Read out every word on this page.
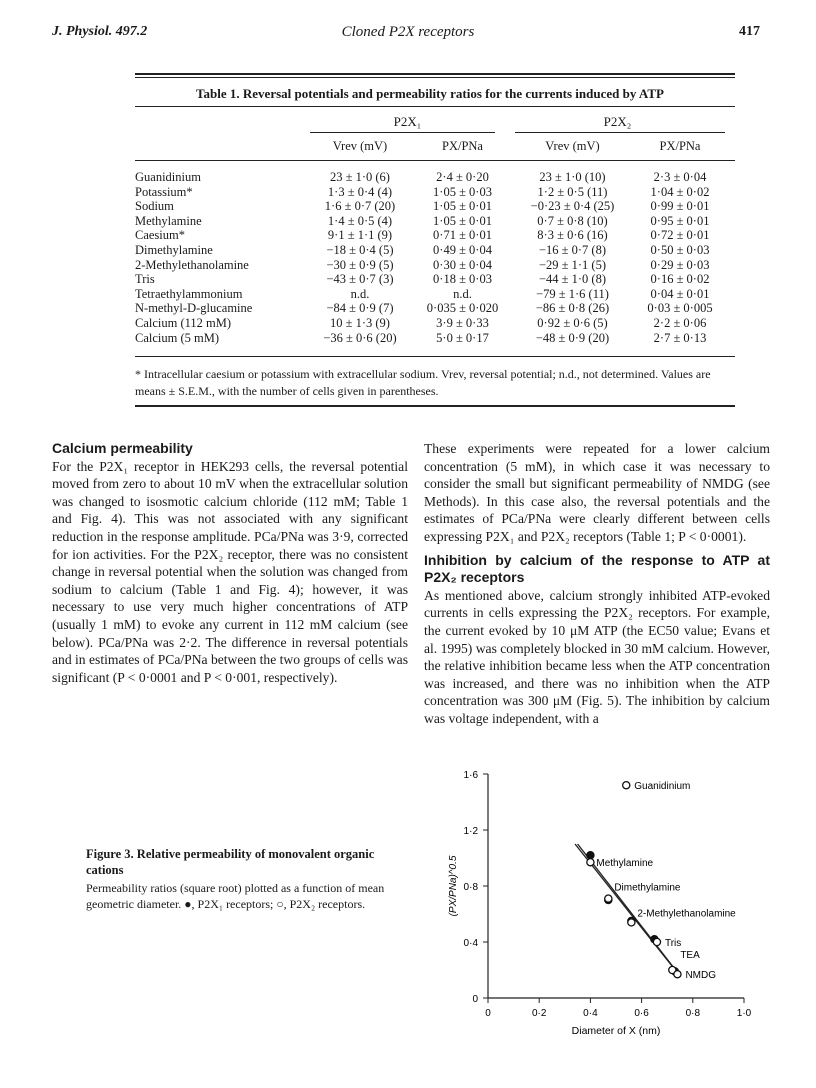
J. Physiol. 497.2	Cloned P2X receptors	417
Table 1. Reversal potentials and permeability ratios for the currents induced by ATP
P2X₁	P2X₂
Vrev (mV)	PX/PNa	Vrev (mV)	PX/PNa
Guanidinium	23 ± 1·0 (6)	2·4 ± 0·20	23 ± 1·0 (10)	2·3 ± 0·04
Potassium*	1·3 ± 0·4 (4)	1·05 ± 0·03	1·2 ± 0·5 (11)	1·04 ± 0·02
Sodium	1·6 ± 0·7 (20)	1·05 ± 0·01	−0·23 ± 0·4 (25)	0·99 ± 0·01
Methylamine	1·4 ± 0·5 (4)	1·05 ± 0·01	0·7 ± 0·8 (10)	0·95 ± 0·01
Caesium*	9·1 ± 1·1 (9)	0·71 ± 0·01	8·3 ± 0·6 (16)	0·72 ± 0·01
Dimethylamine	−18 ± 0·4 (5)	0·49 ± 0·04	−16 ± 0·7 (8)	0·50 ± 0·03
2-Methylethanolamine	−30 ± 0·9 (5)	0·30 ± 0·04	−29 ± 1·1 (5)	0·29 ± 0·03
Tris	−43 ± 0·7 (3)	0·18 ± 0·03	−44 ± 1·0 (8)	0·16 ± 0·02
Tetraethylammonium	n.d.	n.d.	−79 ± 1·6 (11)	0·04 ± 0·01
N-methyl-D-glucamine	−84 ± 0·9 (7)	0·035 ± 0·020	−86 ± 0·8 (26)	0·03 ± 0·005
Calcium (112 mM)	10 ± 1·3 (9)	3·9 ± 0·33	0·92 ± 0·6 (5)	2·2 ± 0·06
Calcium (5 mM)	−36 ± 0·6 (20)	5·0 ± 0·17	−48 ± 0·9 (20)	2·7 ± 0·13
* Intracellular caesium or potassium with extracellular sodium. Vrev, reversal potential; n.d., not determined. Values are means ± S.E.M., with the number of cells given in parentheses.
Calcium permeability
For the P2X₁ receptor in HEK293 cells, the reversal potential moved from zero to about 10 mV when the extracellular solution was changed to isosmotic calcium chloride (112 mM; Table 1 and Fig. 4). This was not associated with any significant reduction in the response amplitude. PCa/PNa was 3·9, corrected for ion activities. For the P2X₂ receptor, there was no consistent change in reversal potential when the solution was changed from sodium to calcium (Table 1 and Fig. 4); however, it was necessary to use very much higher concentrations of ATP (usually 1 mM) to evoke any current in 112 mM calcium (see below). PCa/PNa was 2·2. The difference in reversal potentials and in estimates of PCa/PNa between the two groups of cells was significant (P < 0·0001 and P < 0·001, respectively).
These experiments were repeated for a lower calcium concentration (5 mM), in which case it was necessary to consider the small but significant permeability of NMDG (see Methods). In this case also, the reversal potentials and the estimates of PCa/PNa were clearly different between cells expressing P2X₁ and P2X₂ receptors (Table 1; P < 0·0001).
Inhibition by calcium of the response to ATP at P2X₂ receptors
As mentioned above, calcium strongly inhibited ATP-evoked currents in cells expressing the P2X₂ receptors. For example, the current evoked by 10 μM ATP (the EC50 value; Evans et al. 1995) was completely blocked in 30 mM calcium. However, the relative inhibition became less when the ATP concentration was increased, and there was no inhibition when the ATP concentration was 300 μM (Fig. 5). The inhibition by calcium was voltage independent, with a
Figure 3. Relative permeability of monovalent organic cations
Permeability ratios (square root) plotted as a function of mean geometric diameter. ●, P2X₁ receptors; ○, P2X₂ receptors.
0	0·2	0·4	0·6	0·8	1·0
0
0·4
0·8
1·2
1·6
Guanidinium
Methylamine
Dimethylamine
2-Methylethanolamine
Tris
TEA
NMDG
(PX/PNa)^0.5
Diameter of X (nm)
